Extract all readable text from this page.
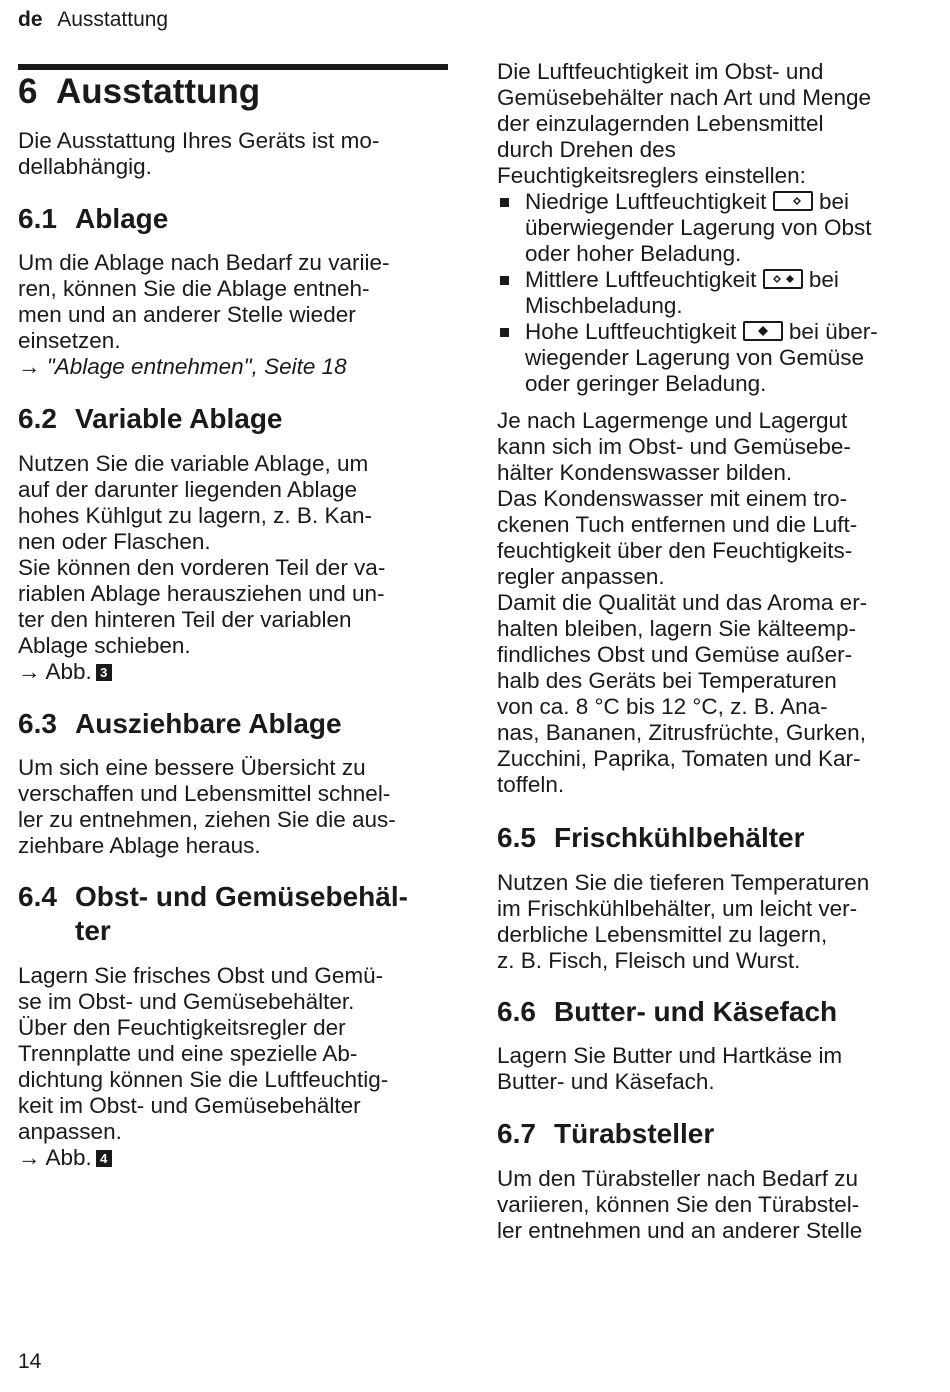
de Ausstattung
6 Ausstattung
Die Ausstattung Ihres Geräts ist mo-
dellabhängig.
6.1 Ablage
Um die Ablage nach Bedarf zu variie-
ren, können Sie die Ablage entneh-
men und an anderer Stelle wieder
einsetzen.
→ "Ablage entnehmen", Seite 18
6.2 Variable Ablage
Nutzen Sie die variable Ablage, um
auf der darunter liegenden Ablage
hohes Kühlgut zu lagern, z. B. Kan-
nen oder Flaschen.
Sie können den vorderen Teil der va-
riablen Ablage herausziehen und un-
ter den hinteren Teil der variablen
Ablage schieben.
→ Abb. 3
6.3 Ausziehbare Ablage
Um sich eine bessere Übersicht zu
verschaffen und Lebensmittel schnel-
ler zu entnehmen, ziehen Sie die aus-
ziehbare Ablage heraus.
6.4 Obst- und Gemüsebehäl-
ter
Lagern Sie frisches Obst und Gemü-
se im Obst- und Gemüsebehälter.
Über den Feuchtigkeitsregler der
Trennplatte und eine spezielle Ab-
dichtung können Sie die Luftfeuchtig-
keit im Obst- und Gemüsebehälter
anpassen.
→ Abb. 4
Die Luftfeuchtigkeit im Obst- und
Gemüsebehälter nach Art und Menge
der einzulagernden Lebensmittel
durch Drehen des
Feuchtigkeitsreglers einstellen:
Niedrige Luftfeuchtigkeit bei
überwiegender Lagerung von Obst
oder hoher Beladung.
Mittlere Luftfeuchtigkeit bei
Mischbeladung.
Hohe Luftfeuchtigkeit bei über-
wiegender Lagerung von Gemüse
oder geringer Beladung.
Je nach Lagermenge und Lagergut
kann sich im Obst- und Gemüsebe-
hälter Kondenswasser bilden.
Das Kondenswasser mit einem tro-
ckenen Tuch entfernen und die Luft-
feuchtigkeit über den Feuchtigkeits-
regler anpassen.
Damit die Qualität und das Aroma er-
halten bleiben, lagern Sie kälteemp-
findliches Obst und Gemüse außer-
halb des Geräts bei Temperaturen
von ca. 8 °C bis 12 °C, z. B. Ana-
nas, Bananen, Zitrusfrüchte, Gurken,
Zucchini, Paprika, Tomaten und Kar-
toffeln.
6.5 Frischkühlbehälter
Nutzen Sie die tieferen Temperaturen
im Frischkühlbehälter, um leicht ver-
derbliche Lebensmittel zu lagern,
z. B. Fisch, Fleisch und Wurst.
6.6 Butter- und Käsefach
Lagern Sie Butter und Hartkäse im
Butter- und Käsefach.
6.7 Türabsteller
Um den Türabsteller nach Bedarf zu
variieren, können Sie den Türabstel-
ler entnehmen und an anderer Stelle
14
